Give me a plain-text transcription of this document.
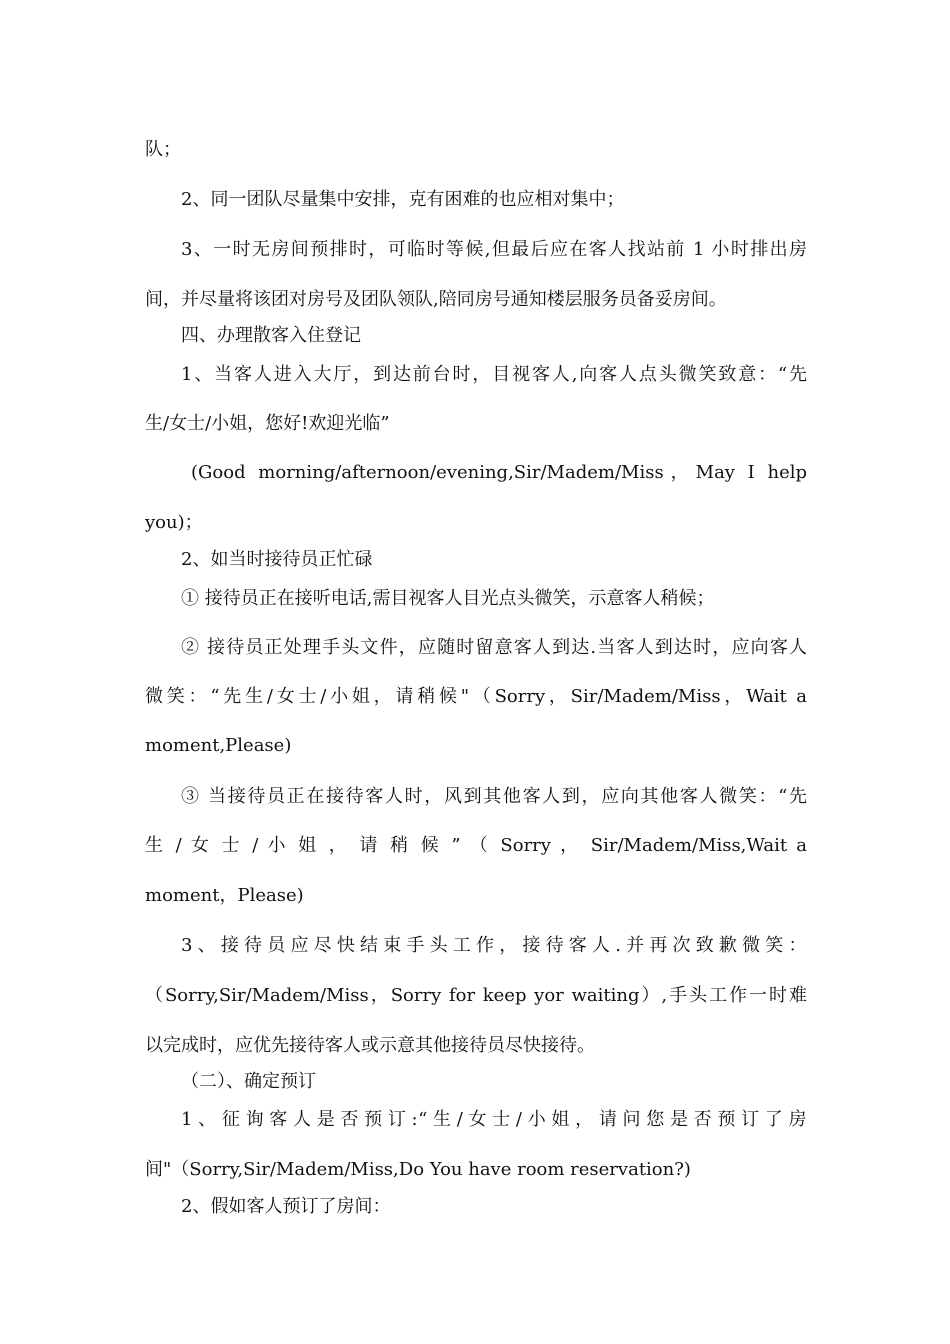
队；
2、同一团队尽量集中安排，克有困难的也应相对集中；
3、一时无房间预排时，可临时等候,但最后应在客人找站前 1 小时排出房
间，并尽量将该团对房号及团队领队,陪同房号通知楼层服务员备妥房间。
四、办理散客入住登记
1、当客人进入大厅，到达前台时，目视客人,向客人点头微笑致意：“先
生/女士/小姐，您好!欢迎光临”
(Good morning/afternoon/evening,Sir/Madem/Miss，May I help
you)；
2、如当时接待员正忙碌
① 接待员正在接听电话,需目视客人目光点头微笑，示意客人稍候；
② 接待员正处理手头文件，应随时留意客人到达.当客人到达时，应向客人
微笑：“先生/女士/小姐，请稍候"（Sorry，Sir/Madem/Miss，Wait a
moment,Please)
③ 当接待员正在接待客人时，风到其他客人到，应向其他客人微笑：“先
生 / 女 士 / 小 姐 ， 请 稍 候 ” （ Sorry ， Sir/Madem/Miss,Wait a
moment，Please)
3、接待员应尽快结束手头工作，接待客人.并再次致歉微笑：
（Sorry,Sir/Madem/Miss，Sorry for keep yor waiting）,手头工作一时难
以完成时，应优先接待客人或示意其他接待员尽快接待。
（二）、确定预订
1、征询客人是否预订:“生/女士/小姐，请问您是否预订了房
间"（Sorry,Sir/Madem/Miss,Do You have room reservation?)
2、假如客人预订了房间：
